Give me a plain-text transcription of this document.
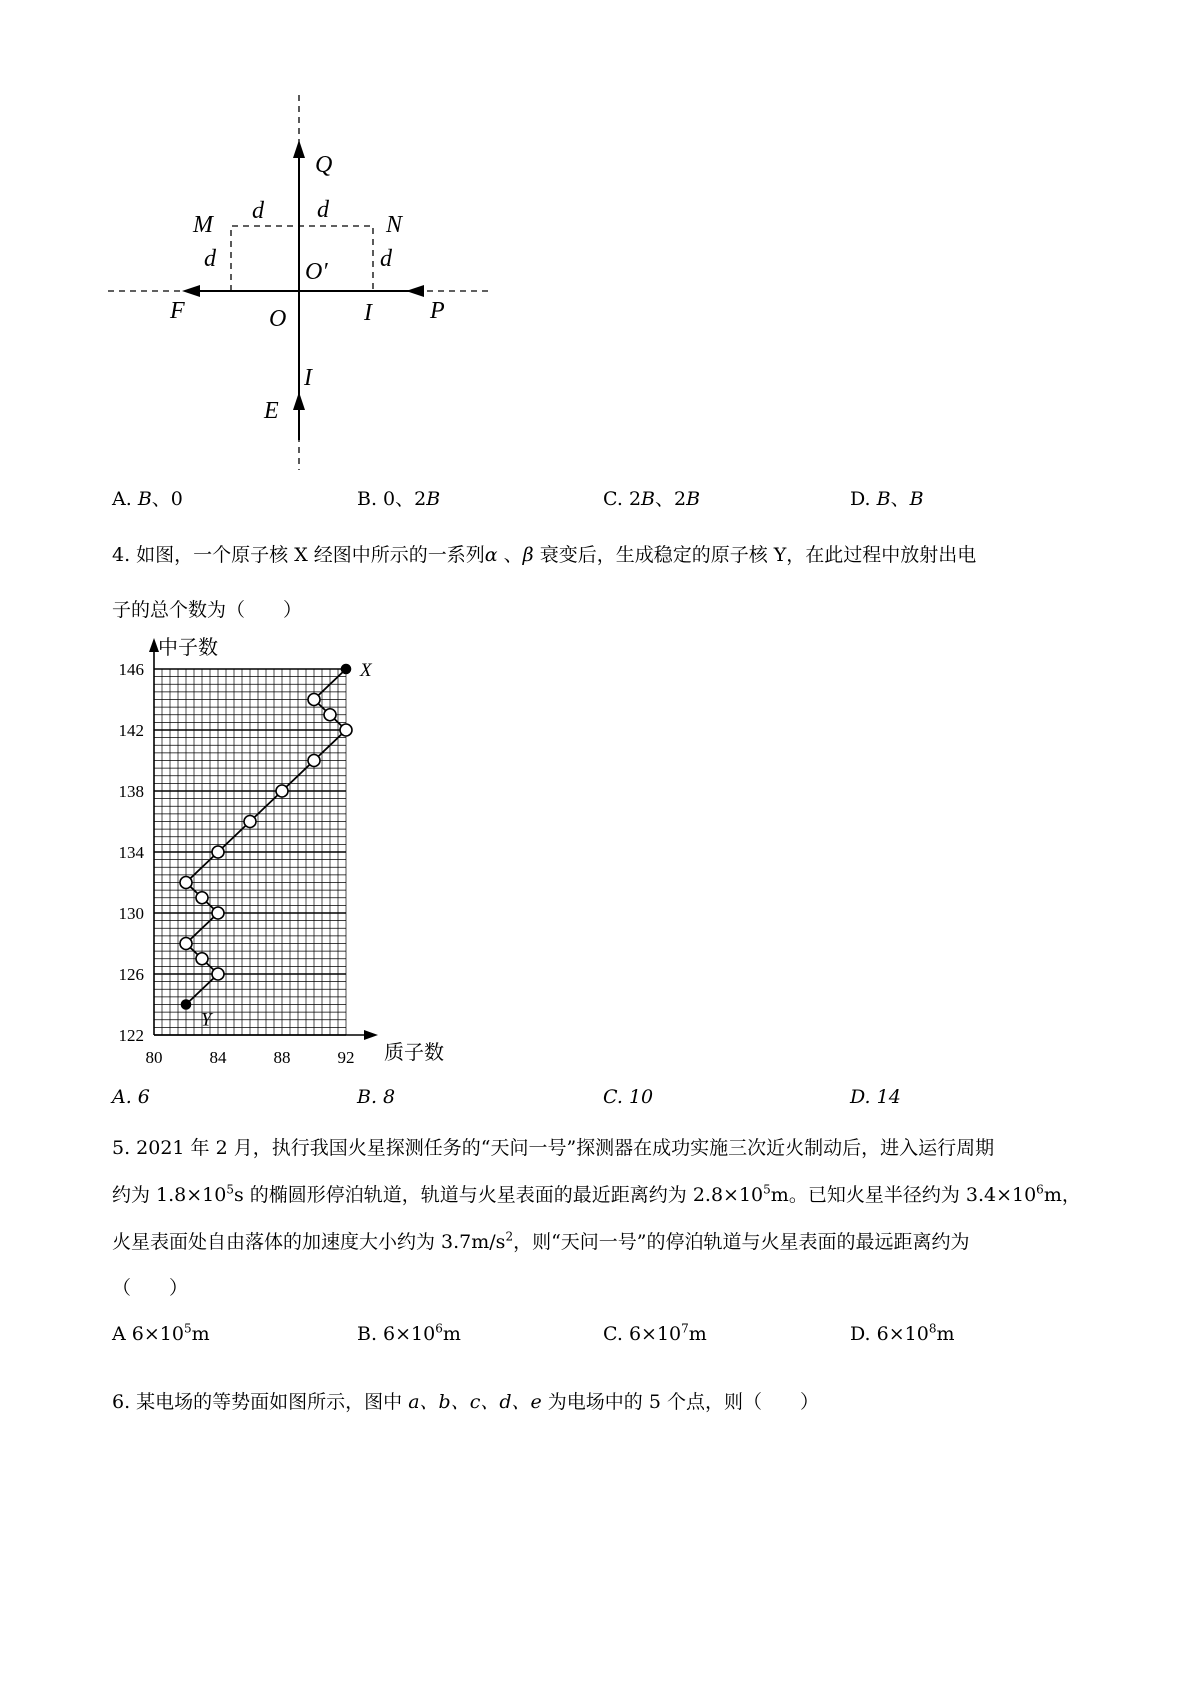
Q
M
d d
N
d	O′ d
F	O	I P
I
E
A. B、0	B. 0、2B	C. 2B、2B	D. B、B
4. 如图，一个原子核 X 经图中所示的一系列α 、β 衰变后，生成稳定的原子核 Y，在此过程中放射出电
子的总个数为（　　）
中子数
质子数
122
126
130
134
138
142
146
80	84	88	92
X
Y
A. 6	B. 8	C. 10	D. 14
5. 2021 年 2 月，执行我国火星探测任务的“天问一号”探测器在成功实施三次近火制动后，进入运行周期
约为 $1.8\times 10^5s$ 的椭圆形停泊轨道，轨道与火星表面的最近距离约为 $2.8\times 10^5m$。已知火星半径约为 $3.4\times 10^6m$，
火星表面处自由落体的加速度大小约为 $3.7m/s^2$，则“天问一号”的停泊轨道与火星表面的最远距离约为
（　　）
A $6\times 10^5m$	B. $6\times 10^6m$	C. $6\times 10^7m$	D. $6\times 10^8m$
6. 某电场的等势面如图所示，图中 a、b、c、d、e 为电场中的 5 个点，则（　　）
